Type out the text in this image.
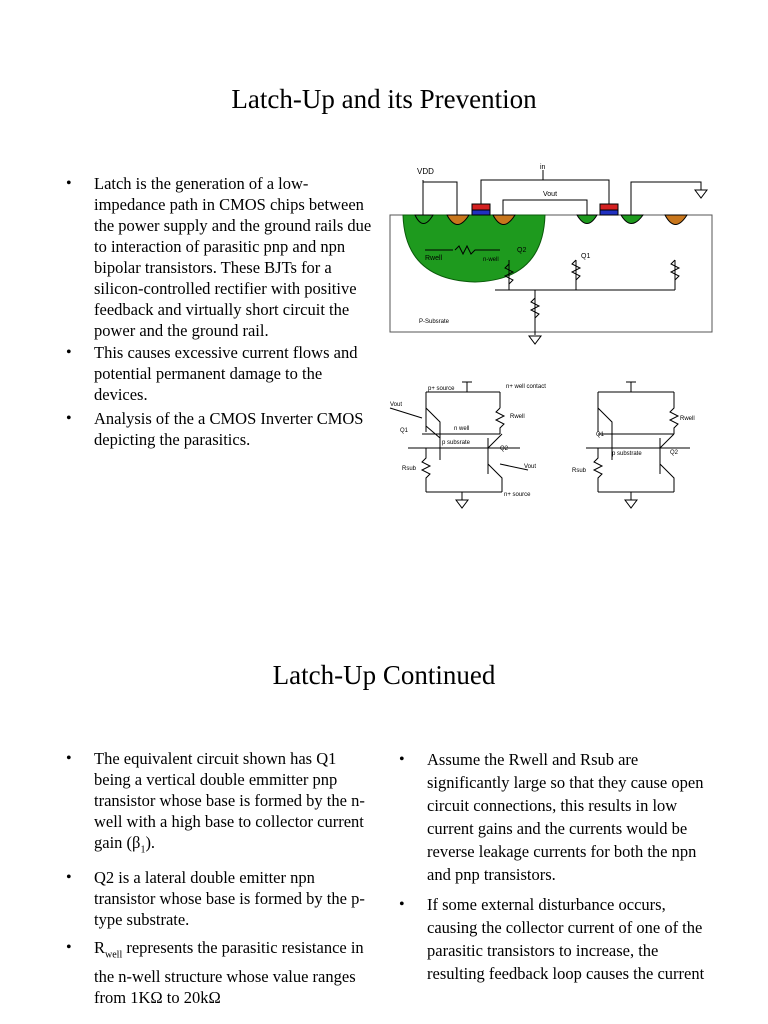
Latch-Up and its Prevention
• Latch is the generation of a low-impedance path in CMOS chips between the power supply and the ground rails due to interaction of parasitic pnp and npn bipolar transistors. These BJTs for a silicon-controlled rectifier with positive feedback and virtually short circuit the power and the ground rail.
• This causes excessive current flows and potential permanent damage to the devices.
• Analysis of the a CMOS Inverter CMOS depicting the parasitics.
VDD	in
Vout
Rwell	n-well	Q1
Q2
P-Subsrate
p+ source	n+ well contact
Vout
Rwell
Q1	n well
p subsrate
Q2
Rsub	Vout
n+ source
Rwell
Q1
p substrate	Q2
Rsub
Latch-Up Continued
• The equivalent circuit shown has Q1 being a vertical double emmitter pnp transistor whose base is formed by the n-well with a high base to collector current gain $(\beta_1)$.
• Q2 is a lateral double emitter npn transistor whose base is formed by the p-type substrate.
• $R_{well}$ represents the parasitic resistance in the n-well structure whose value ranges from 1KΩ to 20kΩ
• Assume the Rwell and Rsub are significantly large so that they cause open circuit connections, this results in low current gains and the currents would be reverse leakage currents for both the npn and pnp transistors.
• If some external disturbance occurs, causing the collector current of one of the parasitic transistors to increase, the resulting feedback loop causes the current
